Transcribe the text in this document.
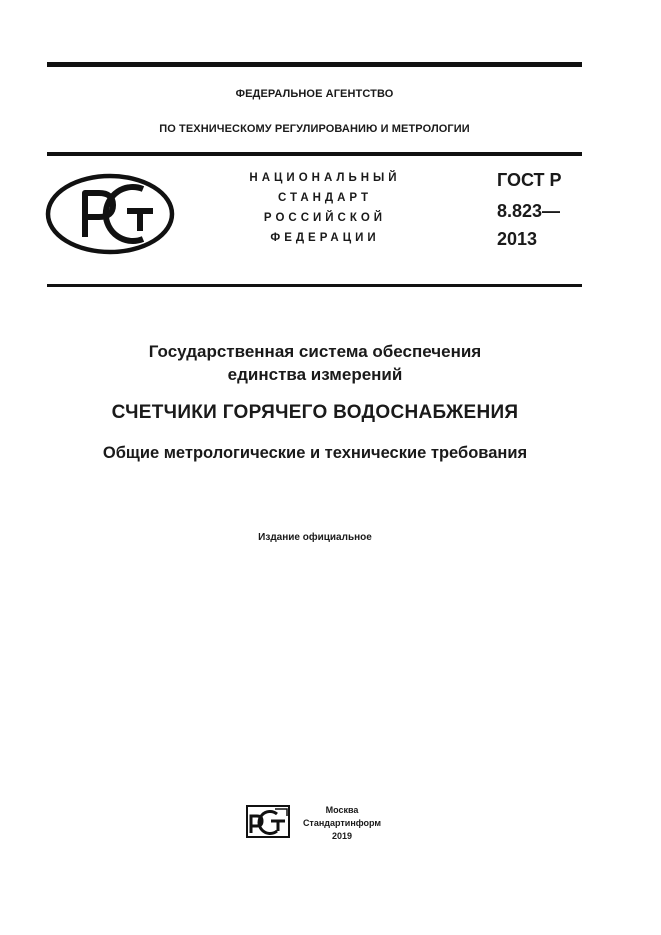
ФЕДЕРАЛЬНОЕ АГЕНТСТВО
ПО ТЕХНИЧЕСКОМУ РЕГУЛИРОВАНИЮ И МЕТРОЛОГИИ
НАЦИОНАЛЬНЫЙ
СТАНДАРТ
РОССИЙСКОЙ
ФЕДЕРАЦИИ
ГОСТ Р
8.823—
2013
Государственная система обеспечения
единства измерений
СЧЕТЧИКИ ГОРЯЧЕГО ВОДОСНАБЖЕНИЯ
Общие метрологические и технические требования
Издание официальное
Москва
Стандартинформ
2019
